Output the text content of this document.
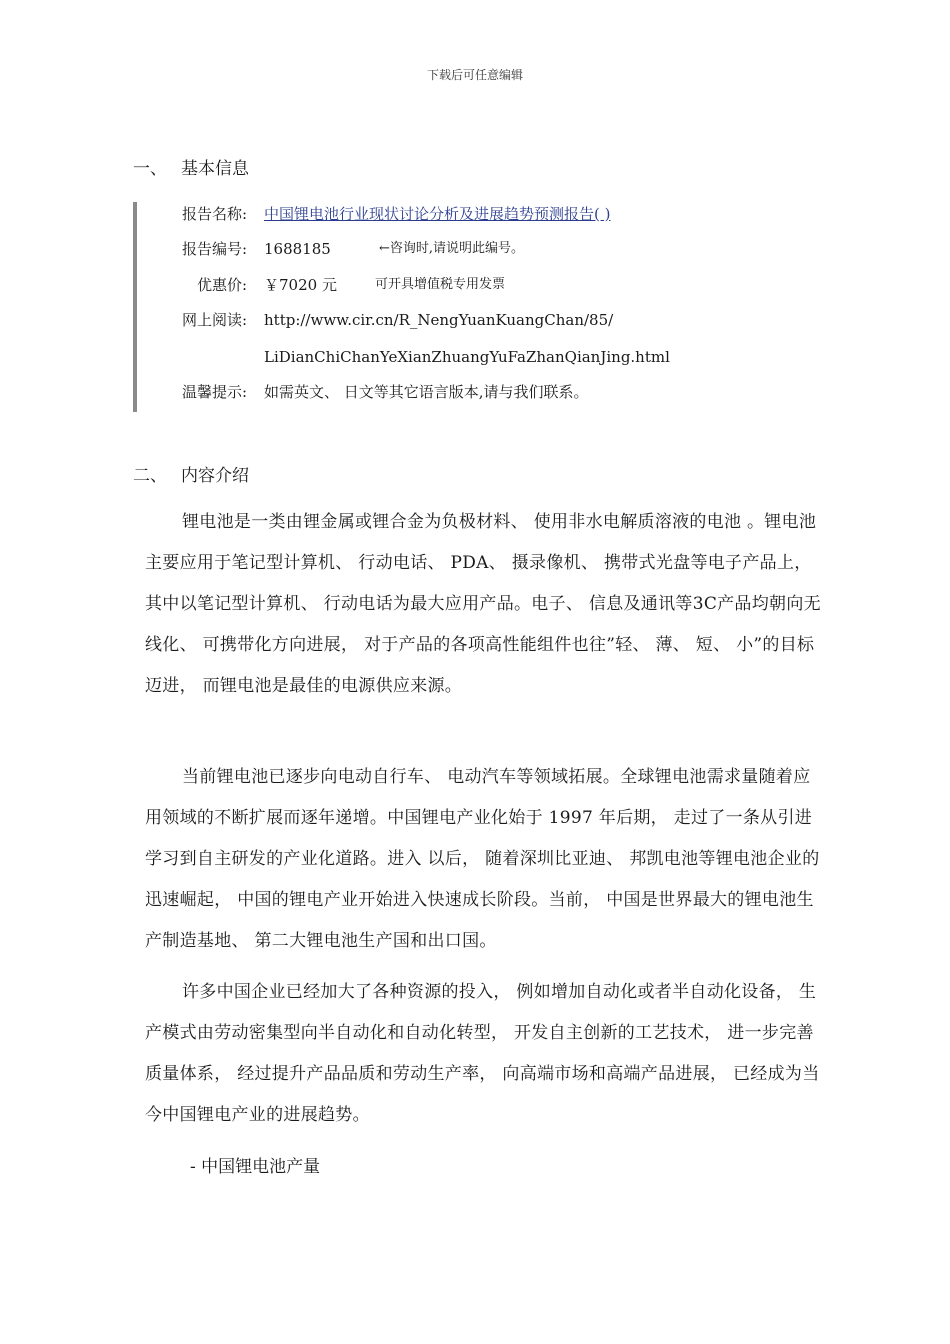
下载后可任意编辑
一、 基本信息
报告名称: 中国锂电池行业现状讨论分析及进展趋势预测报告( )
报告编号: 1688185	←咨询时,请说明此编号。
优惠价: ￥7020 元	可开具增值税专用发票
网上阅读: http://www.cir.cn/R_NengYuanKuangChan/85/
LiDianChiChanYeXianZhuangYuFaZhanQianJing.html
温馨提示: 如需英文、 日文等其它语言版本,请与我们联系。
二、 内容介绍

锂电池是一类由锂金属或锂合金为负极材料、 使用非水电解质溶液的电池 。锂电池主要应用于笔记型计算机、 行动电话、 PDA、 摄录像机、 携带式光盘等电子产品上， 其中以笔记型计算机、 行动电话为最大应用产品。电子、 信息及通讯等3C产品均朝向无线化、 可携带化方向进展， 对于产品的各项高性能组件也往”轻、 薄、 短、 小”的目标迈进， 而锂电池是最佳的电源供应来源。

当前锂电池已逐步向电动自行车、 电动汽车等领域拓展。全球锂电池需求量随着应用领域的不断扩展而逐年递增。中国锂电产业化始于 1997 年后期， 走过了一条从引进学习到自主研发的产业化道路。进入 以后， 随着深圳比亚迪、 邦凯电池等锂电池企业的迅速崛起， 中国的锂电产业开始进入快速成长阶段。当前， 中国是世界最大的锂电池生产制造基地、 第二大锂电池生产国和出口国。

许多中国企业已经加大了各种资源的投入， 例如增加自动化或者半自动化设备， 生产模式由劳动密集型向半自动化和自动化转型， 开发自主创新的工艺技术， 进一步完善质量体系， 经过提升产品品质和劳动生产率， 向高端市场和高端产品进展， 已经成为当今中国锂电产业的进展趋势。

- 中国锂电池产量
